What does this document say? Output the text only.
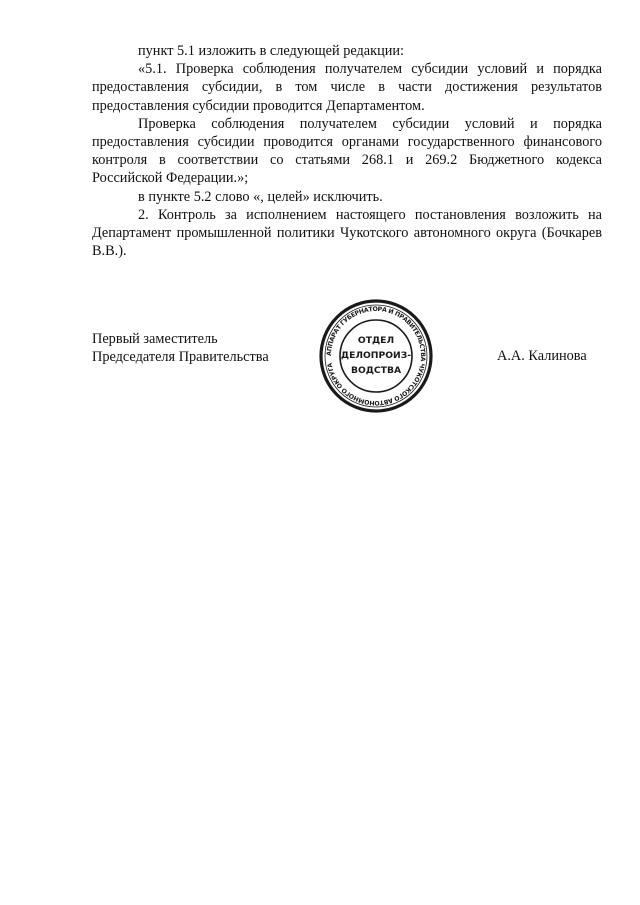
пункт 5.1 изложить в следующей редакции:

«5.1. Проверка соблюдения получателем субсидии условий и порядка предоставления субсидии, в том числе в части достижения результатов предоставления субсидии проводится Департаментом.

Проверка соблюдения получателем субсидии условий и порядка предоставления субсидии проводится органами государственного финансового контроля в соответствии со статьями 268.1 и 269.2 Бюджетного кодекса Российской Федерации.»;

в пункте 5.2 слово «, целей» исключить.

2. Контроль за исполнением настоящего постановления возложить на Департамент промышленной политики Чукотского автономного округа (Бочкарев В.В.).

Первый заместитель
Председателя Правительства	АППАРАТ ГУБЕРНАТОРА И ПРАВИТЕЛЬСТВА ЧУКОТСКОГО АВТОНОМНОГО ОКРУГА
ОТДЕЛ
ДЕЛОПРОИЗ-
ВОДСТВА
А.А. Калинова
